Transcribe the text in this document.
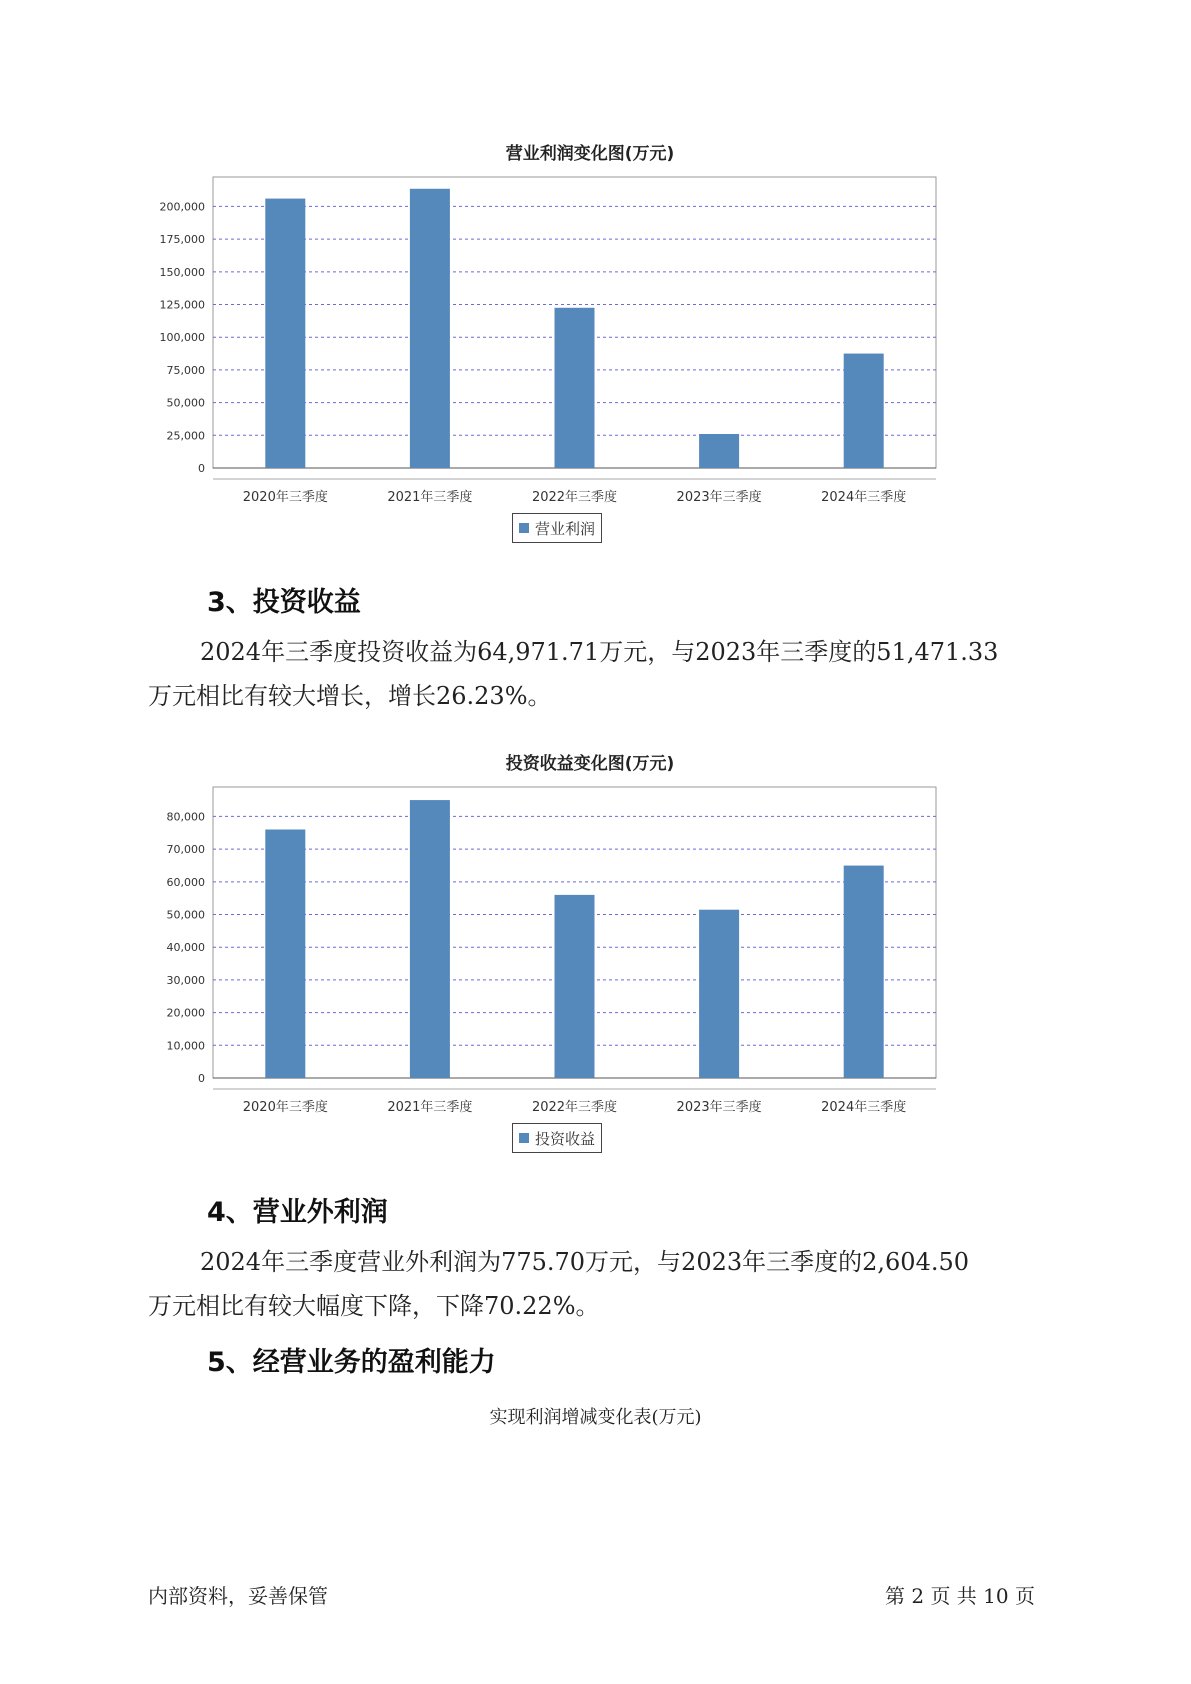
营业利润变化图(万元)
0
25,000
50,000
75,000
100,000
125,000
150,000
175,000
200,000
2020年三季度	2021年三季度	2022年三季度	2023年三季度	2024年三季度
营业利润
3、投资收益
2024年三季度投资收益为64,971.71万元，与2023年三季度的51,471.33
万元相比有较大增长，增长26.23%。
投资收益变化图(万元)
0
10,000
20,000
30,000
40,000
50,000
60,000
70,000
80,000
2020年三季度	2021年三季度	2022年三季度	2023年三季度	2024年三季度
投资收益
4、营业外利润
2024年三季度营业外利润为775.70万元，与2023年三季度的2,604.50
万元相比有较大幅度下降，下降70.22%。
5、经营业务的盈利能力
实现利润增减变化表(万元)
内部资料，妥善保管	第 2 页 共 10 页
